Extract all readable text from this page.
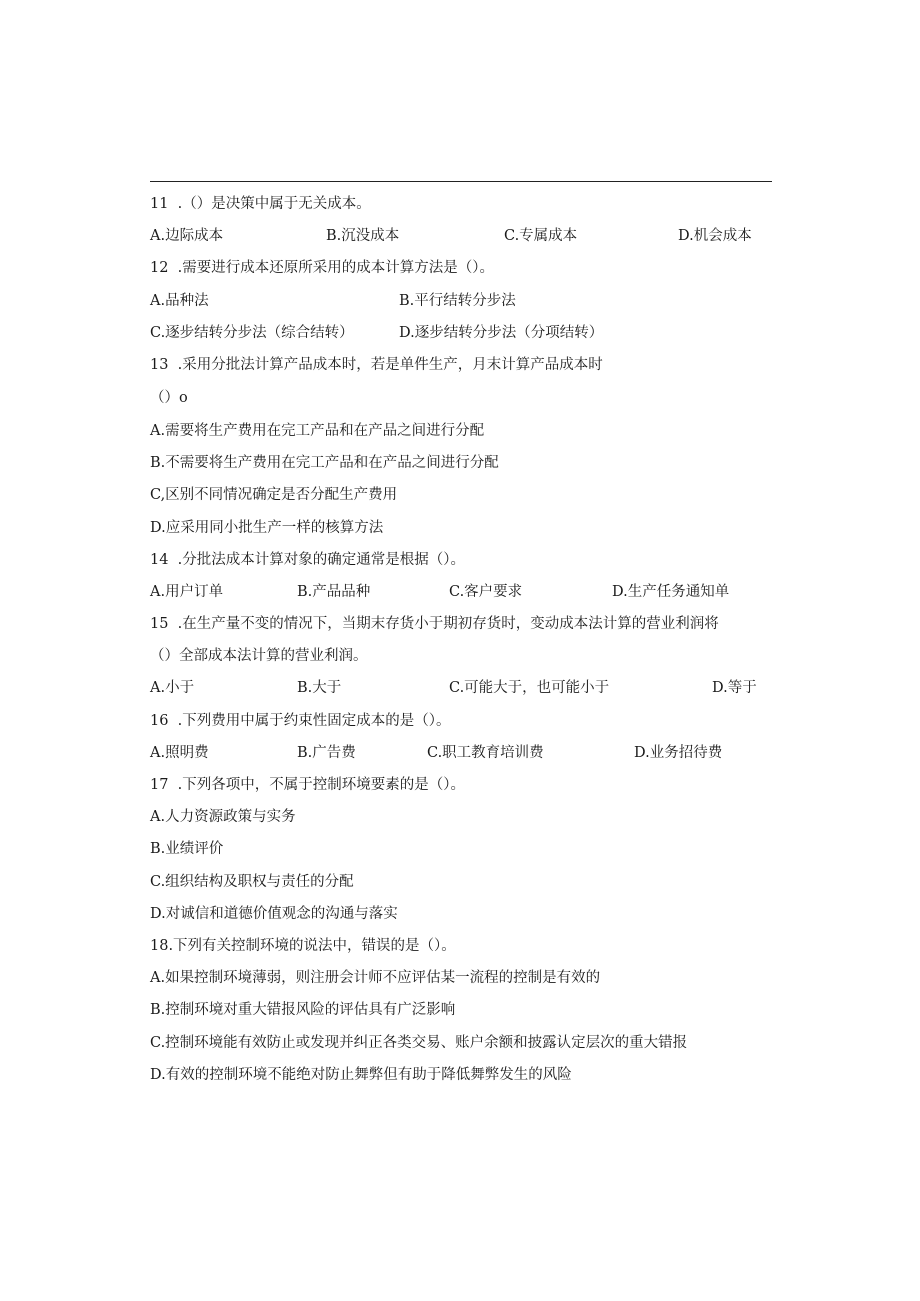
11  .（）是决策中属于无关成本。
A.边际成本	B.沉没成本	C.专属成本	D.机会成本
12  .需要进行成本还原所采用的成本计算方法是（）。
A.品种法	B.平行结转分步法
C.逐步结转分步法（综合结转）	D.逐步结转分步法（分项结转）
13  .采用分批法计算产品成本时，若是单件生产，月末计算产品成本时
（）o
A.需要将生产费用在完工产品和在产品之间进行分配
B.不需要将生产费用在完工产品和在产品之间进行分配
C,区别不同情况确定是否分配生产费用
D.应采用同小批生产一样的核算方法
14  .分批法成本计算对象的确定通常是根据（）。
A.用户订单	B.产品品种	C.客户要求	D.生产任务通知单
15  .在生产量不变的情况下，当期末存货小于期初存货时，变动成本法计算的营业利润将
（）全部成本法计算的营业利润。
A.小于	B.大于	C.可能大于，也可能小于	D.等于
16  .下列费用中属于约束性固定成本的是（）。
A.照明费	B.广告费	C.职工教育培训费	D.业务招待费
17  .下列各项中，不属于控制环境要素的是（）。
A.人力资源政策与实务
B.业绩评价
C.组织结构及职权与责任的分配
D.对诚信和道德价值观念的沟通与落实
18.下列有关控制环境的说法中，错误的是（）。
A.如果控制环境薄弱，则注册会计师不应评估某一流程的控制是有效的
B.控制环境对重大错报风险的评估具有广泛影响
C.控制环境能有效防止或发现并纠正各类交易、账户余额和披露认定层次的重大错报
D.有效的控制环境不能绝对防止舞弊但有助于降低舞弊发生的风险
